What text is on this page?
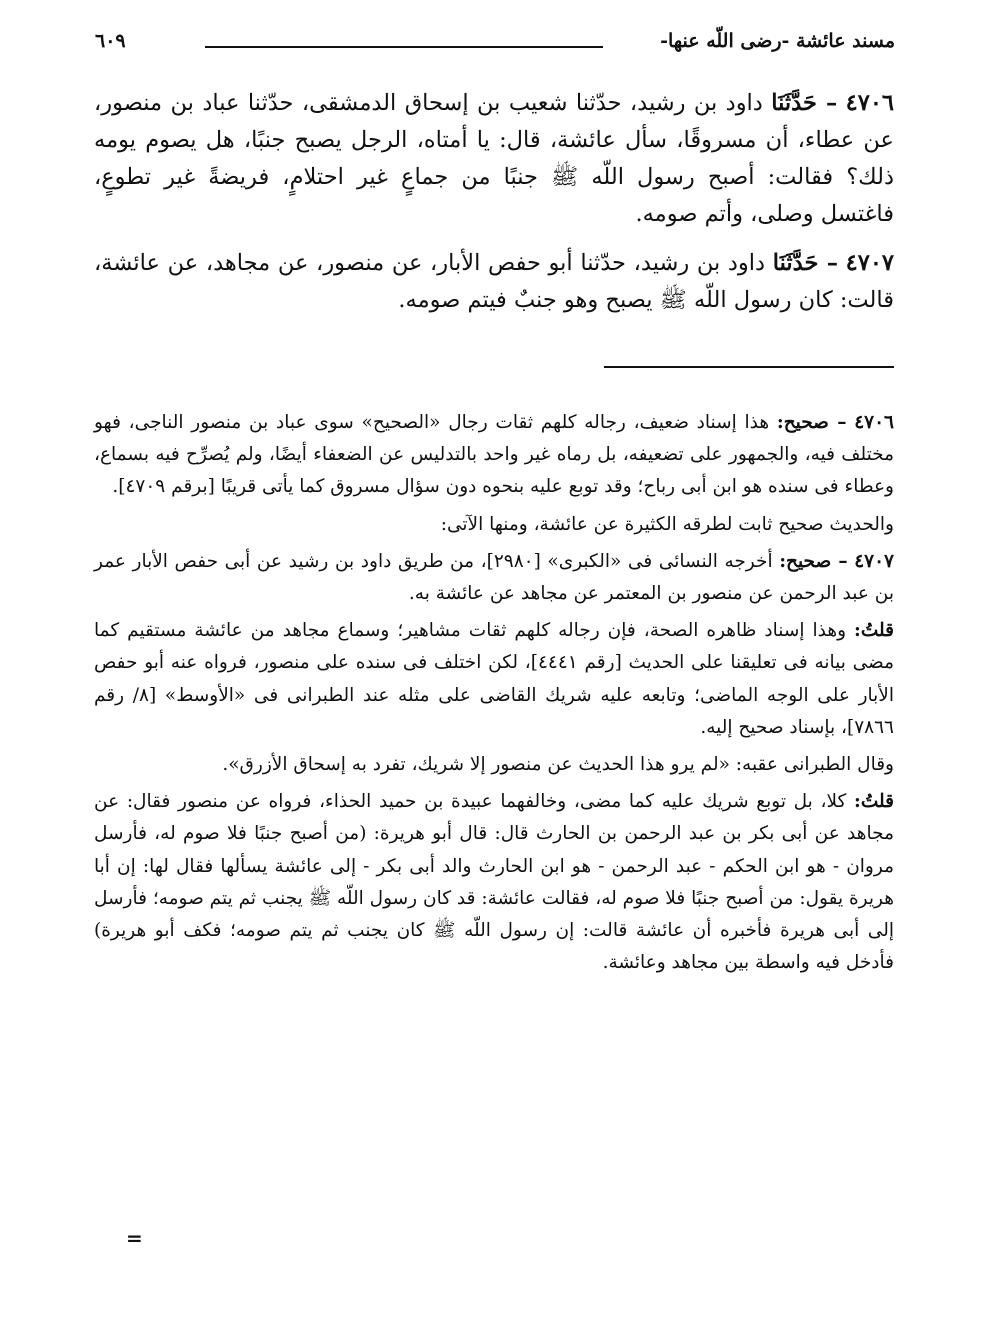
مسند عائشة -رضى اللّه عنها-
٦٠٩

٤٧٠٦ – حَدَّثَنَا داود بن رشيد، حدّثنا شعيب بن إسحاق الدمشقى، حدّثنا عباد بن منصور، عن عطاء، أن مسروقًا، سأل عائشة، قال: يا أمتاه، الرجل يصبح جنبًا، هل يصوم يومه ذلك؟ فقالت: أصبح رسول اللّه ﷺ جنبًا من جماعٍ غير احتلامٍ، فريضةً غير تطوعٍ، فاغتسل وصلى، وأتم صومه.

٤٧٠٧ – حَدَّثَنَا داود بن رشيد، حدّثنا أبو حفص الأبار، عن منصور، عن مجاهد، عن عائشة، قالت: كان رسول اللّه ﷺ يصبح وهو جنبٌ فيتم صومه.

٤٧٠٦ – صحيح: هذا إسناد ضعيف، رجاله كلهم ثقات رجال «الصحيح» سوى عباد بن منصور الناجى، فهو مختلف فيه، والجمهور على تضعيفه، بل رماه غير واحد بالتدليس عن الضعفاء أيضًا، ولم يُصرِّح فيه بسماع، وعطاء فى سنده هو ابن أبى رباح؛ وقد توبع عليه بنحوه دون سؤال مسروق كما يأتى قريبًا [برقم ٤٧٠٩].

والحديث صحيح ثابت لطرقه الكثيرة عن عائشة، ومنها الآتى:

٤٧٠٧ – صحيح: أخرجه النسائى فى «الكبرى» [٢٩٨٠]، من طريق داود بن رشيد عن أبى حفص الأبار عمر بن عبد الرحمن عن منصور بن المعتمر عن مجاهد عن عائشة به.

قلتُ: وهذا إسناد ظاهره الصحة، فإن رجاله كلهم ثقات مشاهير؛ وسماع مجاهد من عائشة مستقيم كما مضى بيانه فى تعليقنا على الحديث [رقم ٤٤٤١]، لكن اختلف فى سنده على منصور، فرواه عنه أبو حفص الأبار على الوجه الماضى؛ وتابعه عليه شريك القاضى على مثله عند الطبرانى فى «الأوسط» [٨/ رقم ٧٨٦٦]، بإسناد صحيح إليه.

وقال الطبرانى عقبه: «لم يرو هذا الحديث عن منصور إلا شريك، تفرد به إسحاق الأزرق».

قلتُ: كلا، بل توبع شريك عليه كما مضى، وخالفهما عبيدة بن حميد الحذاء، فرواه عن منصور فقال: عن مجاهد عن أبى بكر بن عبد الرحمن بن الحارث قال: قال أبو هريرة: (من أصبح جنبًا فلا صوم له، فأرسل مروان - هو ابن الحكم - عبد الرحمن - هو ابن الحارث والد أبى بكر - إلى عائشة يسألها فقال لها: إن أبا هريرة يقول: من أصبح جنبًا فلا صوم له، فقالت عائشة: قد كان رسول اللّه ﷺ يجنب ثم يتم صومه؛ فأرسل إلى أبى هريرة فأخبره أن عائشة قالت: إن رسول اللّه ﷺ كان يجنب ثم يتم صومه؛ فكف أبو هريرة) فأدخل فيه واسطة بين مجاهد وعائشة.

=
